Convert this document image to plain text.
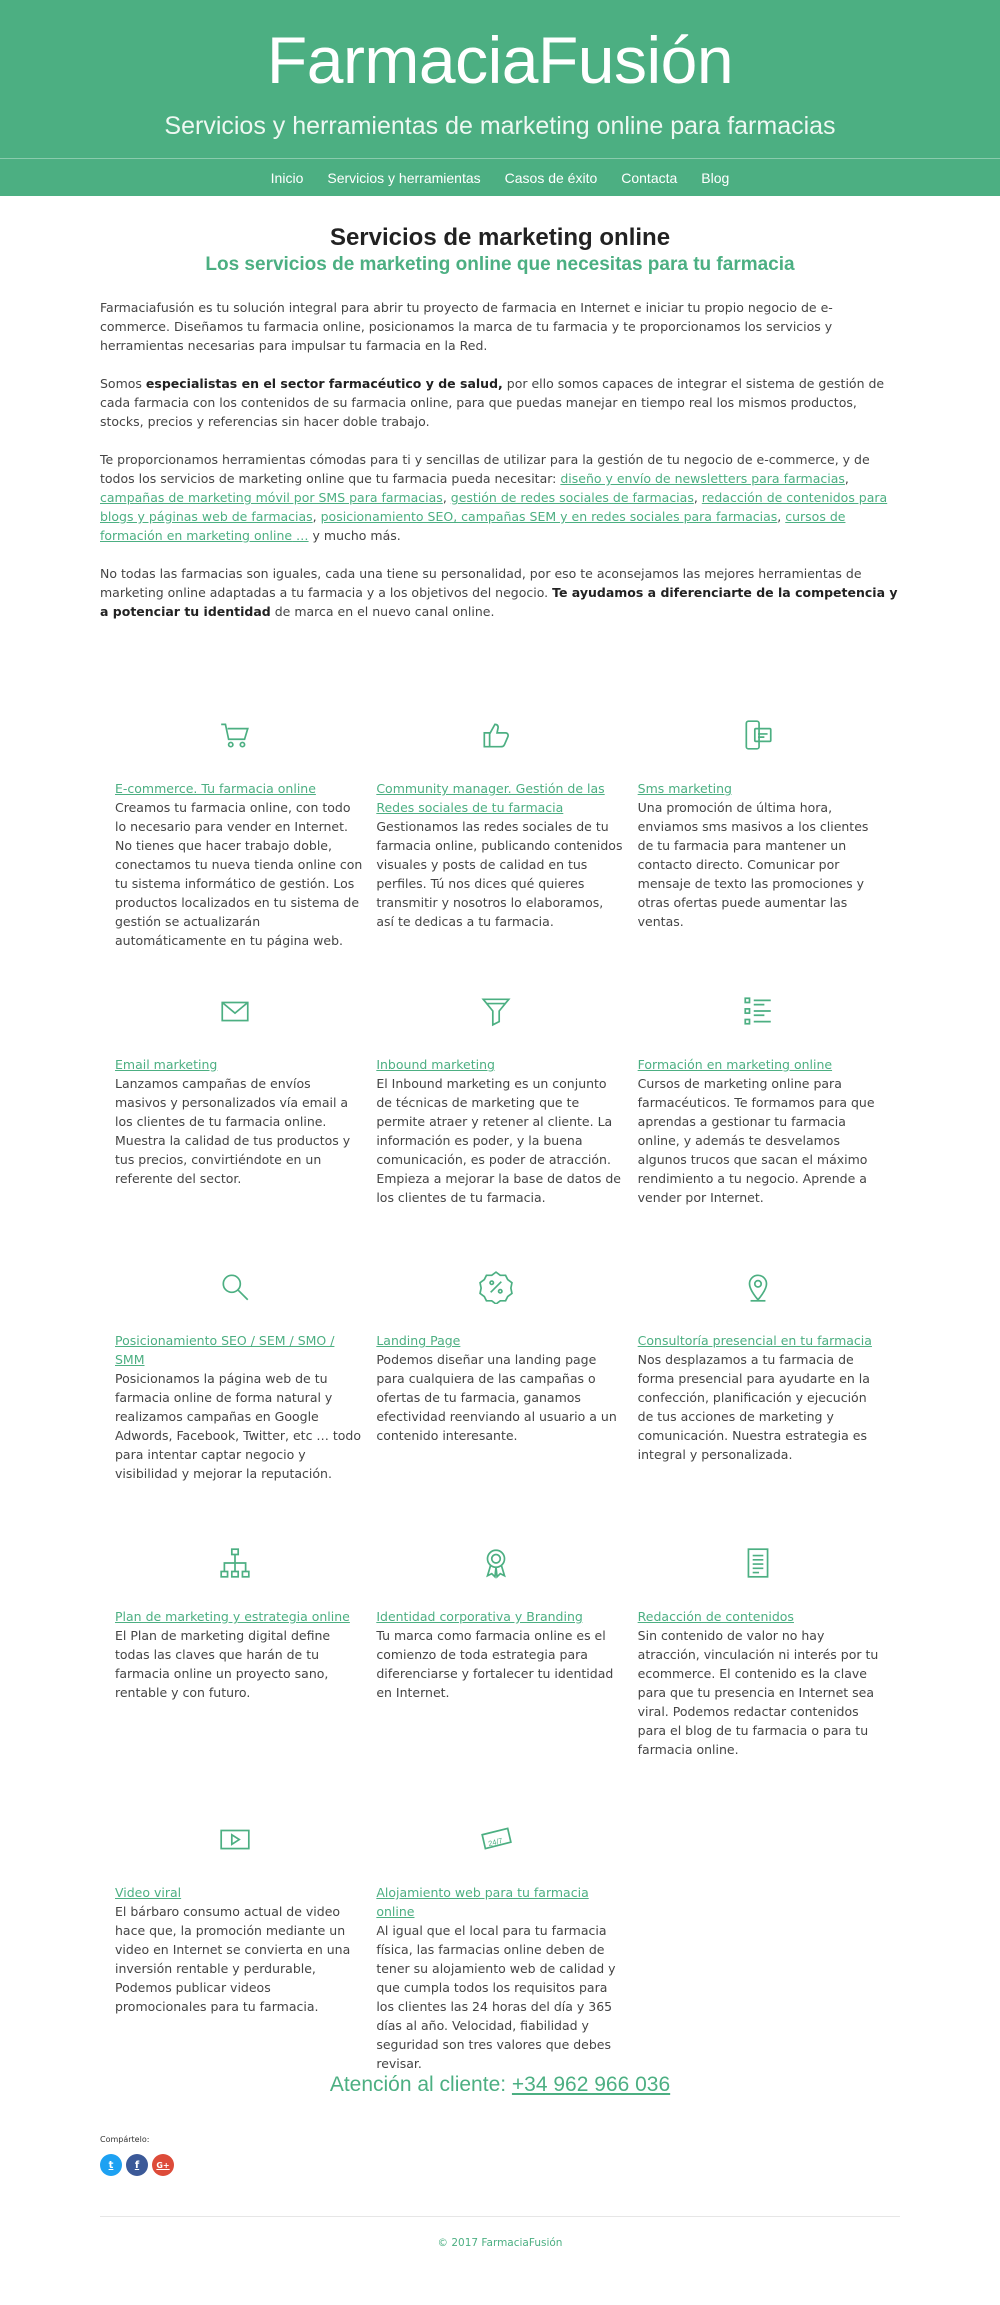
FarmaciaFusión
Servicios y herramientas de marketing online para farmacias
Inicio Servicios y herramientas Casos de éxito Contacta Blog
Servicios de marketing online
Los servicios de marketing online que necesitas para tu farmacia

Farmaciafusión es tu solución integral para abrir tu proyecto de farmacia en Internet e iniciar tu propio negocio de e-commerce. Diseñamos tu farmacia online, posicionamos la marca de tu farmacia y te proporcionamos los servicios y herramientas necesarias para impulsar tu farmacia en la Red.

Somos especialistas en el sector farmacéutico y de salud, por ello somos capaces de integrar el sistema de gestión de cada farmacia con los contenidos de su farmacia online, para que puedas manejar en tiempo real los mismos productos, stocks, precios y referencias sin hacer doble trabajo.

Te proporcionamos herramientas cómodas para ti y sencillas de utilizar para la gestión de tu negocio de e-commerce, y de todos los servicios de marketing online que tu farmacia pueda necesitar: diseño y envío de newsletters para farmacias, campañas de marketing móvil por SMS para farmacias, gestión de redes sociales de farmacias, redacción de contenidos para blogs y páginas web de farmacias, posicionamiento SEO, campañas SEM y en redes sociales para farmacias, cursos de formación en marketing online … y mucho más.

No todas las farmacias son iguales, cada una tiene su personalidad, por eso te aconsejamos las mejores herramientas de marketing online adaptadas a tu farmacia y a los objetivos del negocio. Te ayudamos a diferenciarte de la competencia y a potenciar tu identidad de marca en el nuevo canal online.

E-commerce. Tu farmacia online
Creamos tu farmacia online, con todo lo necesario para vender en Internet. No tienes que hacer trabajo doble, conectamos tu nueva tienda online con tu sistema informático de gestión. Los productos localizados en tu sistema de gestión se actualizarán automáticamente en tu página web.
Community manager. Gestión de las Redes sociales de tu farmacia
Gestionamos las redes sociales de tu farmacia online, publicando contenidos visuales y posts de calidad en tus perfiles. Tú nos dices qué quieres transmitir y nosotros lo elaboramos, así te dedicas a tu farmacia.
Sms marketing
Una promoción de última hora, enviamos sms masivos a los clientes de tu farmacia para mantener un contacto directo. Comunicar por mensaje de texto las promociones y otras ofertas puede aumentar las ventas.
Email marketing
Lanzamos campañas de envíos masivos y personalizados vía email a los clientes de tu farmacia online. Muestra la calidad de tus productos y tus precios, convirtiéndote en un referente del sector.
Inbound marketing
El Inbound marketing es un conjunto de técnicas de marketing que te permite atraer y retener al cliente. La información es poder, y la buena comunicación, es poder de atracción. Empieza a mejorar la base de datos de los clientes de tu farmacia.
Formación en marketing online
Cursos de marketing online para farmacéuticos. Te formamos para que aprendas a gestionar tu farmacia online, y además te desvelamos algunos trucos que sacan el máximo rendimiento a tu negocio. Aprende a vender por Internet.
Posicionamiento SEO / SEM / SMO / SMM
Posicionamos la página web de tu farmacia online de forma natural y realizamos campañas en Google Adwords, Facebook, Twitter, etc … todo para intentar captar negocio y visibilidad y mejorar la reputación.
Landing Page
Podemos diseñar una landing page para cualquiera de las campañas o ofertas de tu farmacia, ganamos efectividad reenviando al usuario a un contenido interesante.
Consultoría presencial en tu farmacia
Nos desplazamos a tu farmacia de forma presencial para ayudarte en la confección, planificación y ejecución de tus acciones de marketing y comunicación. Nuestra estrategia es integral y personalizada.
Plan de marketing y estrategia online
El Plan de marketing digital define todas las claves que harán de tu farmacia online un proyecto sano, rentable y con futuro.
Identidad corporativa y Branding
Tu marca como farmacia online es el comienzo de toda estrategia para diferenciarse y fortalecer tu identidad en Internet.
Redacción de contenidos
Sin contenido de valor no hay atracción, vinculación ni interés por tu ecommerce. El contenido es la clave para que tu presencia en Internet sea viral. Podemos redactar contenidos para el blog de tu farmacia o para tu farmacia online.
Video viral
El bárbaro consumo actual de video hace que, la promoción mediante un video en Internet se convierta en una inversión rentable y perdurable, Podemos publicar videos promocionales para tu farmacia.
24/7
Alojamiento web para tu farmacia online
Al igual que el local para tu farmacia física, las farmacias online deben de tener su alojamiento web de calidad y que cumpla todos los requisitos para los clientes las 24 horas del día y 365 días al año. Velocidad, fiabilidad y seguridad son tres valores que debes revisar.
Atención al cliente: +34 962 966 036
Compártelo:
t f G+
© 2017 FarmaciaFusión
